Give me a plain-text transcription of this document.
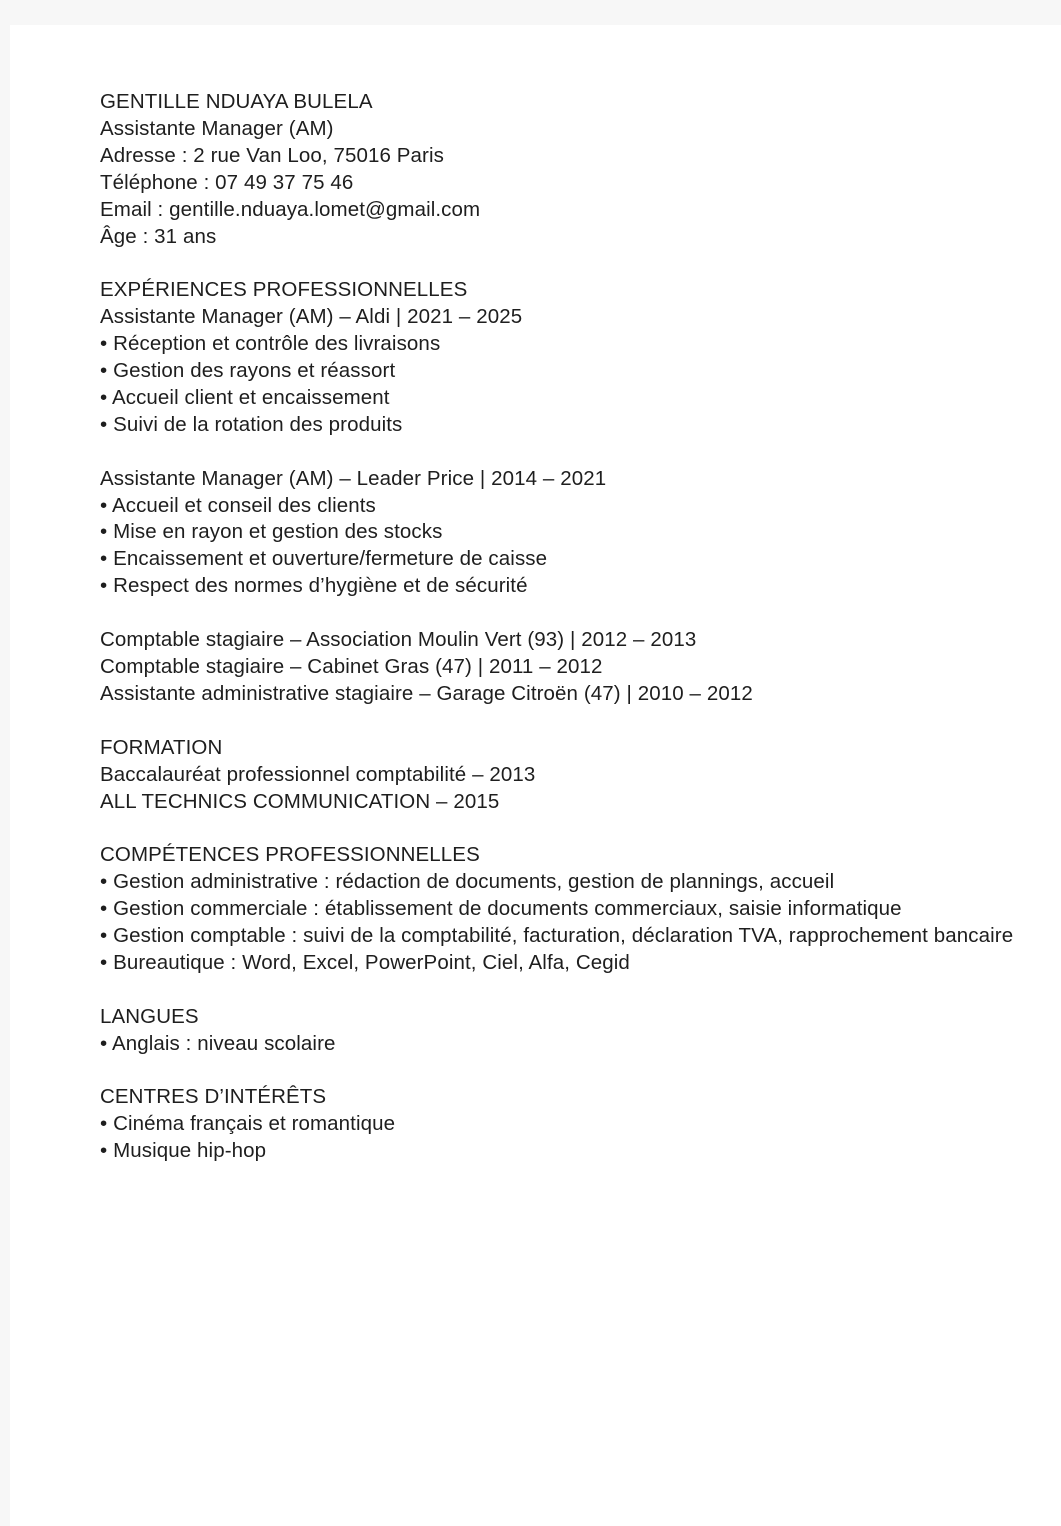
GENTILLE NDUAYA BULELA
Assistante Manager (AM)
Adresse : 2 rue Van Loo, 75016 Paris
Téléphone : 07 49 37 75 46
Email : gentille.nduaya.lomet@gmail.com
Âge : 31 ans
EXPÉRIENCES PROFESSIONNELLES
Assistante Manager (AM) – Aldi | 2021 – 2025
• Réception et contrôle des livraisons
• Gestion des rayons et réassort
• Accueil client et encaissement
• Suivi de la rotation des produits
Assistante Manager (AM) – Leader Price | 2014 – 2021
• Accueil et conseil des clients
• Mise en rayon et gestion des stocks
• Encaissement et ouverture/fermeture de caisse
• Respect des normes d’hygiène et de sécurité
Comptable stagiaire – Association Moulin Vert (93) | 2012 – 2013
Comptable stagiaire – Cabinet Gras (47) | 2011 – 2012
Assistante administrative stagiaire – Garage Citroën (47) | 2010 – 2012
FORMATION
Baccalauréat professionnel comptabilité – 2013
ALL TECHNICS COMMUNICATION – 2015
COMPÉTENCES PROFESSIONNELLES
• Gestion administrative : rédaction de documents, gestion de plannings, accueil
• Gestion commerciale : établissement de documents commerciaux, saisie informatique
• Gestion comptable : suivi de la comptabilité, facturation, déclaration TVA, rapprochement bancaire
• Bureautique : Word, Excel, PowerPoint, Ciel, Alfa, Cegid
LANGUES
• Anglais : niveau scolaire
CENTRES D’INTÉRÊTS
• Cinéma français et romantique
• Musique hip-hop
